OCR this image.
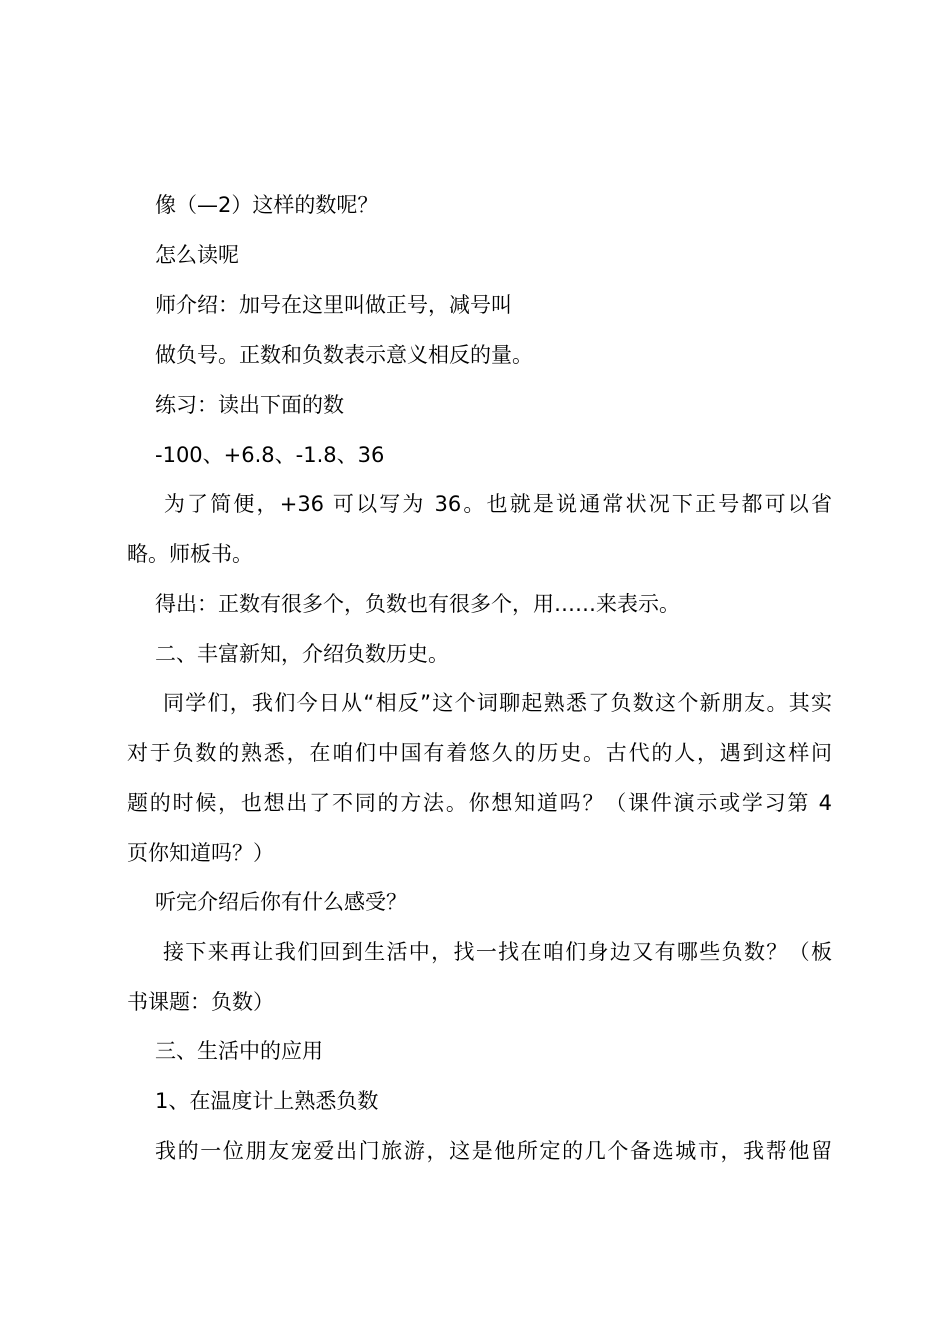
像（—2）这样的数呢？
怎么读呢
师介绍：加号在这里叫做正号，减号叫
做负号。正数和负数表示意义相反的量。
练习：读出下面的数
-100、+6.8、-1.8、36
为了简便，+36 可以写为 36。也就是说通常状况下正号都可以省
略。师板书。
得出：正数有很多个，负数也有很多个，用……来表示。
二、丰富新知，介绍负数历史。
同学们，我们今日从“相反”这个词聊起熟悉了负数这个新朋友。其实
对于负数的熟悉，在咱们中国有着悠久的历史。古代的人，遇到这样问
题的时候，也想出了不同的方法。你想知道吗？（课件演示或学习第 4
页你知道吗？）
听完介绍后你有什么感受？
接下来再让我们回到生活中，找一找在咱们身边又有哪些负数？（板
书课题：负数）
三、生活中的应用
1、在温度计上熟悉负数
我的一位朋友宠爱出门旅游，这是他所定的几个备选城市，我帮他留
